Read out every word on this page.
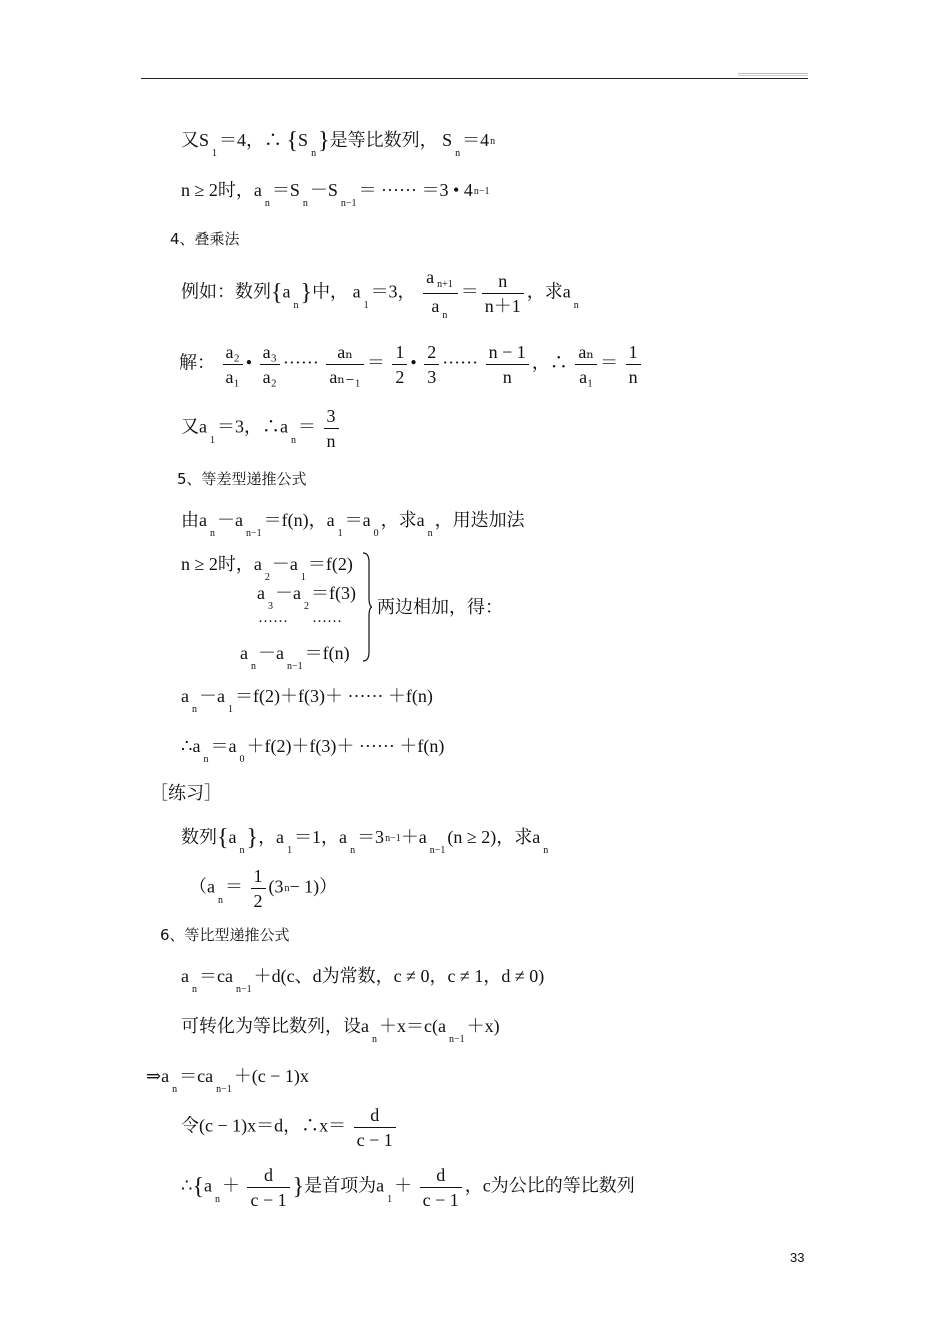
又$S_1=4$，∴ $\{S_n\}$是等比数列， $S_n=4n$
n ≥ 2时，$a_n=S_n-S_{n-1}=$ ······ ＝3 • 4n−1
4、叠乘法
例如：数列$\{a_n\}$中， $a_1=3$， $\frac{a _{n+1}}{a _n} = \frac{n}{n+1}$ ，求$a_n$
解： $\frac{\text{a₂}}{\text{a₁}}$ • $\frac{\text{a₃}}{\text{a₂}}$ ······ $\frac{\text{aₙ}}{\text{aₙ₋₁}} = \frac{1}{2}$ • $\frac{2}{3}$ ······ $\frac{n - 1}{n}$ ，∴ $\frac{\text{aₙ}}{\text{a₁}} = \frac{1}{n}$
又$a_1=3$，$\therefore a_n= \frac{3}{n}$
5、等差型递推公式
由$a_n-a_{n-1}=f(n)$，$a_1=a_0$，求$a_n$，用迭加法
n ≥ 2时，$a_2-a_1=f(2)$
$a_3-a_2=f(3)$
两边相加，得：
······ ······
$a_n-a_{n-1}=f(n)$
$a_n-a_1=f(2)+f(3)+$ ······ ＋f(n)
$\therefore a_n=a_0+f(2)+f(3)+$ ······ ＋f(n)
［练习］
数列$\{a_n\}$，$a_1=1$，$a_n=3n-1+a_{n-1}(n \ge 2)$，求$a_n$
$(a_n= \frac{1}{2} (3n- 1))$
6、等比型递推公式
$a_n=ca_{n-1}+d(c$、d为常数，c ≠ 0，c ≠ 1，d ≠ 0)
可转化为等比数列，设$a_n+x=c(a_{n-1}+x)$
$\Rightarrow a_n=ca_{n-1}+(c - 1)x$
令(c − 1)x＝d，∴x＝ $\frac{d}{c - 1}$
$\therefore\{a_n+ \frac{d}{c - 1}$ }是首项为$a_1+ \frac{d}{c - 1}$ ，c为公比的等比数列
33
